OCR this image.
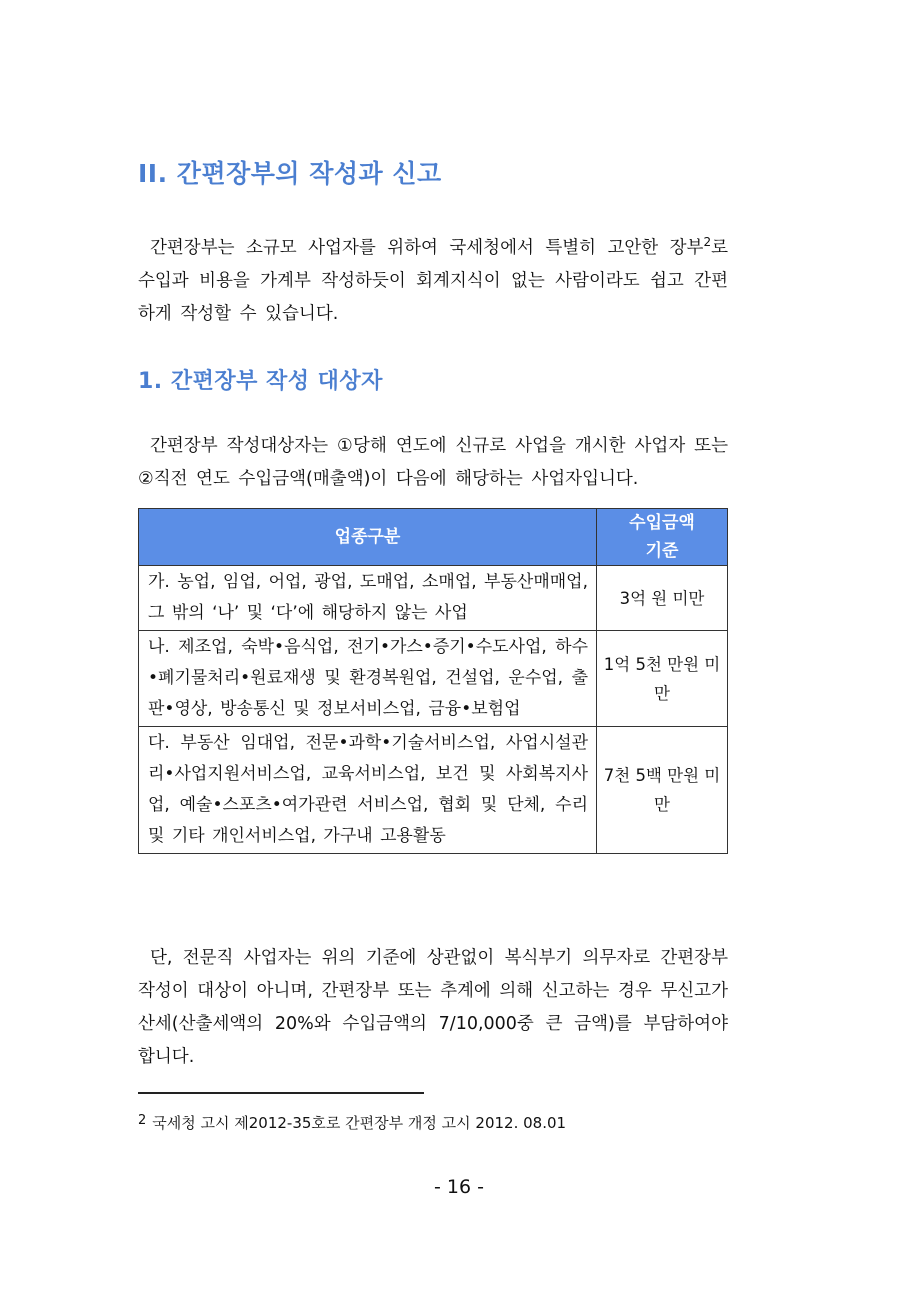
II. 간편장부의 작성과 신고

간편장부는 소규모 사업자를 위하여 국세청에서 특별히 고안한 장부$^2$로 수입과 비용을 가계부 작성하듯이 회계지식이 없는 사람이라도 쉽고 간편하게 작성할 수 있습니다.

1. 간편장부 작성 대상자

간편장부 작성대상자는 ①당해 연도에 신규로 사업을 개시한 사업자 또는 ②직전 연도 수입금액(매출액)이 다음에 해당하는 사업자입니다.

업종구분	수입금액
기준
가. 농업, 임업, 어업, 광업, 도매업, 소매업, 부동산매매업, 그 밖의 ‘나’ 및 ‘다’에 해당하지 않는 사업	3억 원 미만
나. 제조업, 숙박•음식업, 전기•가스•증기•수도사업, 하수•폐기물처리•원료재생 및 환경복원업, 건설업, 운수업, 출판•영상, 방송통신 및 정보서비스업, 금융•보험업	1억 5천 만원 미만
다. 부동산 임대업, 전문•과학•기술서비스업, 사업시설관리•사업지원서비스업, 교육서비스업, 보건 및 사회복지사업, 예술•스포츠•여가관련 서비스업, 협회 및 단체, 수리 및 기타 개인서비스업, 가구내 고용활동	7천 5백 만원 미만

단, 전문직 사업자는 위의 기준에 상관없이 복식부기 의무자로 간편장부 작성이 대상이 아니며, 간편장부 또는 추계에 의해 신고하는 경우 무신고가산세(산출세액의 20%와 수입금액의 7/10,000중 큰 금액)를 부담하여야 합니다.

$^2$ 국세청 고시 제2012-35호로 간편장부 개정 고시 2012. 08.01

- 16 -
